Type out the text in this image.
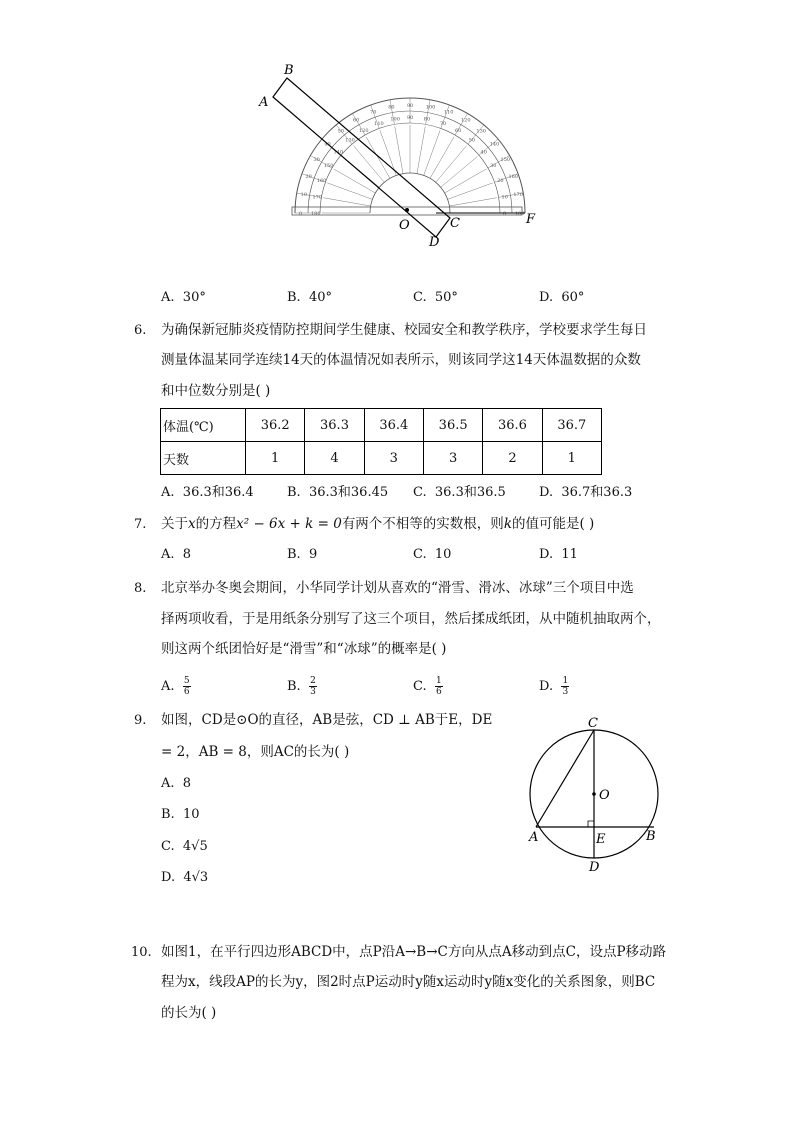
0
10
20
30
40
50
60
70
80 90 100
110
120
130
140
150
160
170
180
180
170
160
150
140
130
120
110
100 90 80
70
60
50
40
30
20
10
0
B
A
O	C
D
F
A. 30°	B. 40°	C. 50°	D. 60°
6. 为确保新冠肺炎疫情防控期间学生健康、校园安全和教学秩序，学校要求学生每日
测量体温某同学连续14天的体温情况如表所示，则该同学这14天体温数据的众数
和中位数分别是( )
体温(℃)	36.2	36.3	36.4	36.5	36.6	36.7
天数	1	4	3	3	2	1
A. 36.3和36.4	B. 36.3和36.45 C. 36.3和36.5	D. 36.7和36.3
7. 关于x的方程x² − 6x + k = 0有两个不相等的实数根，则k的值可能是( )
A. 8	B. 9	C. 10	D. 11
8. 北京举办冬奥会期间，小华同学计划从喜欢的“滑雪、滑冰、冰球”三个项目中选
择两项收看，于是用纸条分别写了这三个项目，然后揉成纸团，从中随机抽取两个，
则这两个纸团恰好是“滑雪”和“冰球”的概率是( )
A. $\frac{5}{6}$	B. $\frac{2}{3}$	C. $\frac{1}{6}$	D. $\frac{1}{3}$
9. 如图，CD是⊙O的直径，AB是弦，CD ⊥ AB于E，DE
= 2，AB = 8，则AC的长为( )
A. 8
B. 10
C. 4√5
D. 4√3
C
O
A	B
E
D
10. 如图1，在平行四边形ABCD中，点P沿A→B→C方向从点A移动到点C，设点P移动路
程为x，线段AP的长为y，图2时点P运动时y随x运动时y随x变化的关系图象，则BC
的长为( )
